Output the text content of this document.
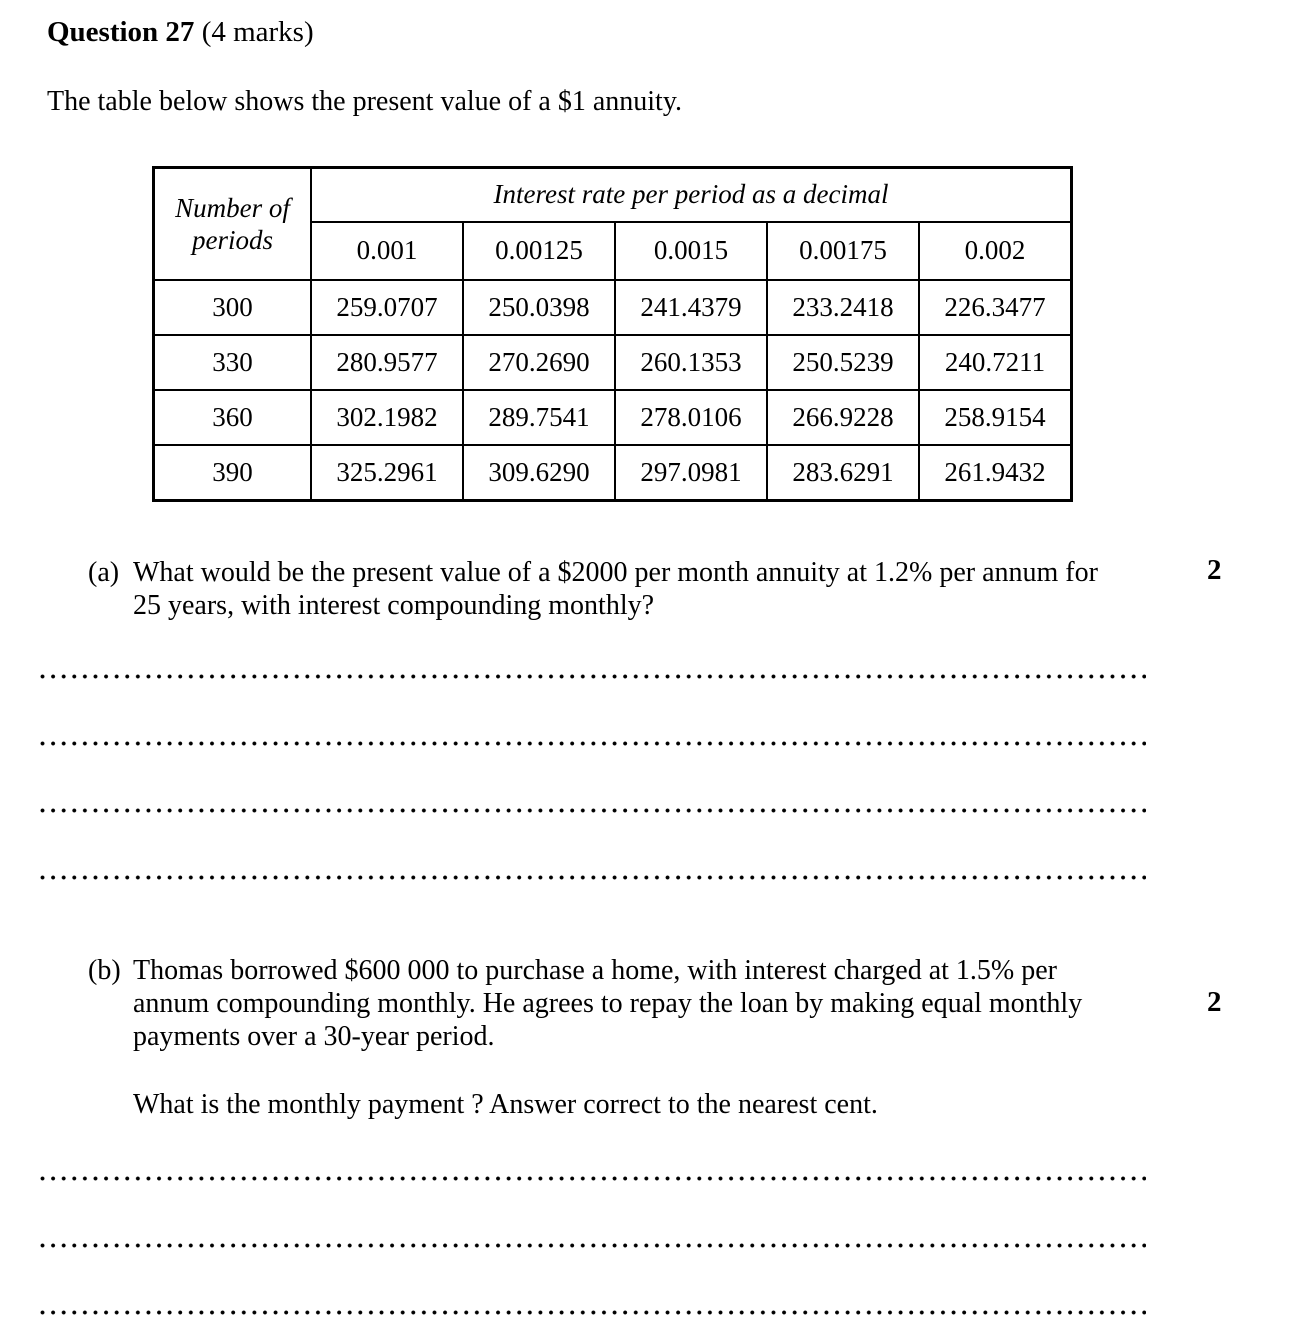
Question 27 (4 marks)
The table below shows the present value of a $1 annuity.
Number of periods	Interest rate per period as a decimal				
	0.001	0.00125	0.0015	0.00175	0.002
300	259.0707	250.0398	241.4379	233.2418	226.3477
330	280.9577	270.2690	260.1353	250.5239	240.7211
360	302.1982	289.7541	278.0106	266.9228	258.9154
390	325.2961	309.6290	297.0981	283.6291	261.9432
(a) What would be the present value of a $2000 per month annuity at 1.2% per annum for
25 years, with interest compounding monthly?
2
(b) Thomas borrowed $600 000 to purchase a home, with interest charged at 1.5% per
annum compounding monthly. He agrees to repay the loan by making equal monthly
payments over a 30-year period.
2
What is the monthly payment ? Answer correct to the nearest cent.
